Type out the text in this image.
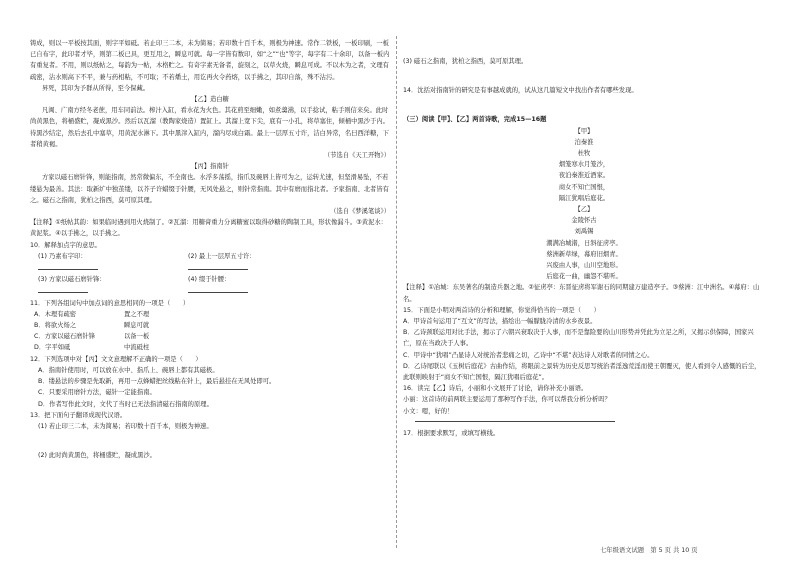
铸成，则以一平板按其面，则字平如砥。若止印三二本，未为简易；若印数十百千本，则极为神速。常作二铁板，一板印刷，一板已自布字，此印者才毕，则第二板已具，更互用之，瞬息可就。每一字皆有数印，如“之”“也”等字，每字有二十余印，以备一板内有重复者。不用，则以纸帖之，每韵为一帖，木格贮之。有奇字素无备者，旋刻之，以草火烧，瞬息可成。不以木为之者，文理有疏密，沾水则高下不平，兼与药相粘，不可取；不若燔土，用讫再火令药熔，以手拂之，其印自落，殊不沾污。

昇死，其印为予群从所得，至今保藏。

【乙】造白糖

凡闽、广南方经冬老蔗，用车同前法。榨汁入缸，看水花为火色。其花煎至细嫩，如煮羹沸，以手捻试，粘手则信来矣。此时尚黄黑色，将桶盛贮，凝成黑沙。然后以瓦溜（教陶家烧造）置缸上。其溜上宽下尖，底有一小孔，将草塞住，倾桶中黑沙于内。待黑沙结定，然后去孔中塞草，用黄泥水淋下。其中黑滓入缸内，溜内尽成白霜。最上一层厚五寸许，洁白异常，名曰西洋糖，下者稍黄褐。

（节选自《天工开物》）

【丙】指南针

方家以磁石磨针锋，则能指南，然常微偏东，不全南也。水浮多荡摇，指爪及碗唇上皆可为之，运转尤速，但坚滑易坠，不若缕悬为最善。其法：取新纩中独茧缕，以芥子许蜡缀于针腰，无风处悬之，则针常指南。其中有磨而指北者。予家指南、北者皆有之。磁石之指南，犹柏之指西，莫可原其理。

（选自《梦溪笔谈》）

【注释】①纸帖其韵：如果临时遇到用火烧制了。②瓦溜：用糖膏重力分离糖蜜以取得砂糖的陶制工具，形状像漏斗。③黄泥水：黄泥浆。④以手拂之，以手拂之。

10．解释加点字的意思。

(1) 乃素布字印：	(2) 最上一层厚五寸许：
(3) 方家以磁石磨针锋：	(4) 缀于针腰：

11．下列各组词句中加点词的意思相同的一项是（　　）

A．木理有疏密	置之不理
B．将欲火炀之	瞬息可就
C．方家以磁石磨针锋	以备一板
D．字平如砥	中流砥柱

12．下列选项中对【丙】文文意理解不正确的一项是（　　）

A．指南针使用时，可以放在水中、指爪上、碗唇上都有其磁极。

B．缕悬法的步骤是先取新，再用一点蜂蜡把丝线粘在针上，最后悬挂在无风处即可。

C．只要采用磨针方法，磁针一定能指南。

D．作者写作此文时，文代了当时已无法指清磁石指南的原理。

13．把下面句子翻译成现代汉语。

(1) 若止印三二本，未为简易；若印数十百千本，则极为神速。

(2) 此时尚黄黑色，将桶盛贮，凝成黑沙。

(3) 磁石之指南，犹柏之指西，莫可原其理。

14．沈括对指南针的研究是有事越成就的，试从这几篇短文中找出作者有哪些发现。

（三）阅读【甲】、【乙】两首诗歌，完成15—16题

【甲】

泊秦淮

杜牧

烟笼寒水月笼沙，

夜泊秦淮近酒家。

商女不知亡国恨，

隔江犹唱后庭花。

【乙】

金陵怀古

刘禹锡

潮满冶城渚，日斜征虏亭。

蔡洲新草绿，幕府旧烟青。

兴废由人事，山川空地形。

后庭花一曲，幽怨不堪听。

【注释】①冶城：东吴著名的制造兵器之地。②征虏亭：东晋征虏将军谢石的同期建万建造亭子。③蔡洲：江中洲名。④幕府：山名。

15．下面是小明对两首诗的分析和理解，你觉得恰当的一项是（　　）

A．甲诗首句运用了“互文”的写法，描绘出一幅朦胧冷清的水乡夜景。

B．乙诗颈联运用对比手法，揭示了六朝兴衰取决于人事，而不是靠险要的山川形势并凭此为立足之所，又揭示供保障，国家兴亡，原在当政决于人事。

C．甲诗中“犹唱”凸显诗人对统治者悲痛之切，乙诗中“不堪”表达诗人对歌者的同情之心。

D．乙诗尾联以《玉树后庭花》古曲作结，将眼前之景转为历史反思写统治者淫逸荒淫而使王朝覆灭，使人看到令人感慨的后尘，此联则映射于“商女不知亡国恨，隔江犹唱后庭花”。

16．读完【乙】诗后，小丽和小文展开了讨论，请你补充小丽语。

小丽：这首诗的前两联主要运用了那种写作手法，你可以帮我分析分析吗？

小文：嗯，好的！

17．根据要求默写，或填写横线。

七年级语文试题　第 5 页 共 10 页
